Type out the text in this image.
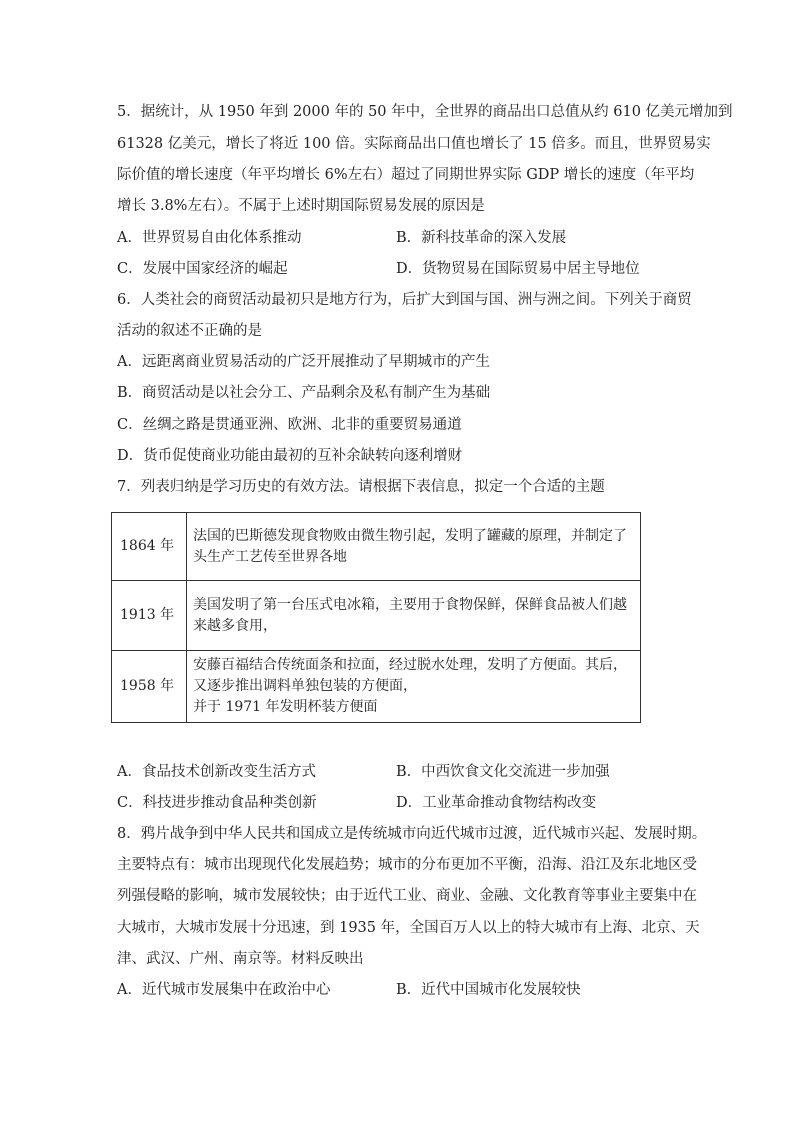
5．据统计，从 1950 年到 2000 年的 50 年中，全世界的商品出口总值从约 610 亿美元增加到
61328 亿美元，增长了将近 100 倍。实际商品出口值也增长了 15 倍多。而且，世界贸易实
际价值的增长速度（年平均增长 6%左右）超过了同期世界实际 GDP 增长的速度（年平均
增长 3.8%左右）。不属于上述时期国际贸易发展的原因是
A．世界贸易自由化体系推动	B．新科技革命的深入发展
C．发展中国家经济的崛起	D．货物贸易在国际贸易中居主导地位
6．人类社会的商贸活动最初只是地方行为，后扩大到国与国、洲与洲之间。下列关于商贸
活动的叙述不正确的是
A．远距离商业贸易活动的广泛开展推动了早期城市的产生
B．商贸活动是以社会分工、产品剩余及私有制产生为基础
C．丝绸之路是贯通亚洲、欧洲、北非的重要贸易通道
D．货币促使商业功能由最初的互补余缺转向逐利增财
7．列表归纳是学习历史的有效方法。请根据下表信息，拟定一个合适的主题
1864 年	法国的巴斯德发现食物败由微生物引起，发明了罐藏的原理，并制定了
头生产工艺传至世界各地

1913 年	美国发明了第一台压式电冰箱，主要用于食物保鲜，保鲜食品被人们越
来越多食用，

1958 年	安藤百福结合传统面条和拉面，经过脱水处理，发明了方便面。其后，
又逐步推出调料单独包装的方便面，
并于 1971 年发明杯装方便面
A．食品技术创新改变生活方式	B．中西饮食文化交流进一步加强
C．科技进步推动食品种类创新	D．工业革命推动食物结构改变
8．鸦片战争到中华人民共和国成立是传统城市向近代城市过渡，近代城市兴起、发展时期。
主要特点有：城市出现现代化发展趋势；城市的分布更加不平衡，沿海、沿江及东北地区受
列强侵略的影响，城市发展较快；由于近代工业、商业、金融、文化教育等事业主要集中在
大城市，大城市发展十分迅速，到 1935 年，全国百万人以上的特大城市有上海、北京、天
津、武汉、广州、南京等。材料反映出
A．近代城市发展集中在政治中心	B．近代中国城市化发展较快
